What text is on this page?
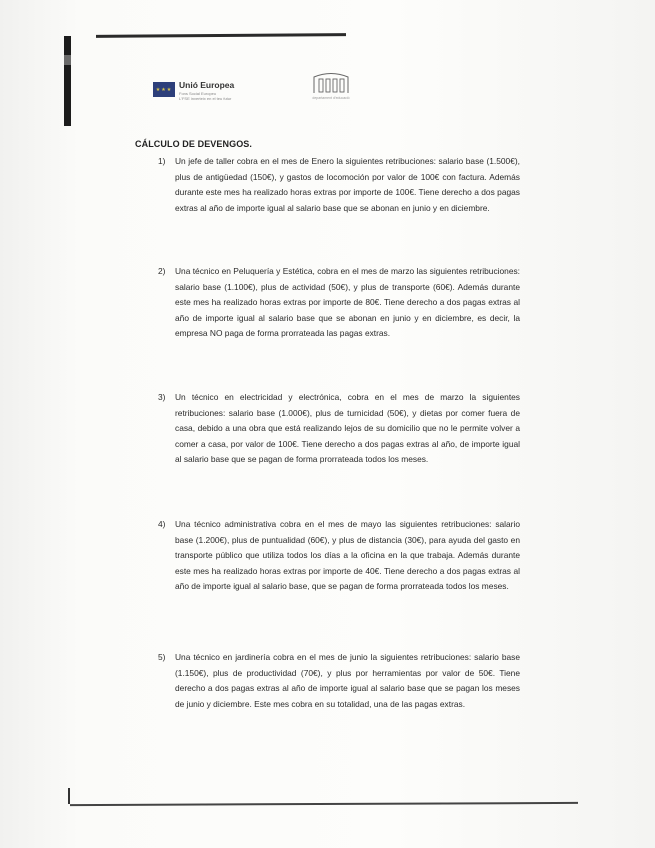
★★★ Unió Europea
Fons Social Europeu
L'FSE inverteix en el teu futur	departament d'educació
CÁLCULO DE DEVENGOS.
1) Un jefe de taller cobra en el mes de Enero la siguientes retribuciones: salario base (1.500€), plus de antigüedad (150€), y gastos de locomoción por valor de 100€ con factura. Además durante este mes ha realizado horas extras por importe de 100€. Tiene derecho a dos pagas extras al año de importe igual al salario base que se abonan en junio y en diciembre.
2) Una técnico en Peluquería y Estética, cobra en el mes de marzo las siguientes retribuciones: salario base (1.100€), plus de actividad (50€), y plus de transporte (60€). Además durante este mes ha realizado horas extras por importe de 80€. Tiene derecho a dos pagas extras al año de importe igual al salario base que se abonan en junio y en diciembre, es decir, la empresa NO paga de forma prorrateada las pagas extras.
3) Un técnico en electricidad y electrónica, cobra en el mes de marzo la siguientes retribuciones: salario base (1.000€), plus de turnicidad (50€), y dietas por comer fuera de casa, debido a una obra que está realizando lejos de su domicilio que no le permite volver a comer a casa, por valor de 100€. Tiene derecho a dos pagas extras al año, de importe igual al salario base que se pagan de forma prorrateada todos los meses.
4) Una técnico administrativa cobra en el mes de mayo las siguientes retribuciones: salario base (1.200€), plus de puntualidad (60€), y plus de distancia (30€), para ayuda del gasto en transporte público que utiliza todos los días a la oficina en la que trabaja. Además durante este mes ha realizado horas extras por importe de 40€. Tiene derecho a dos pagas extras al año de importe igual al salario base, que se pagan de forma prorrateada todos los meses.
5) Una técnico en jardinería cobra en el mes de junio la siguientes retribuciones: salario base (1.150€), plus de productividad (70€), y plus por herramientas por valor de 50€. Tiene derecho a dos pagas extras al año de importe igual al salario base que se pagan los meses de junio y diciembre. Este mes cobra en su totalidad, una de las pagas extras.
